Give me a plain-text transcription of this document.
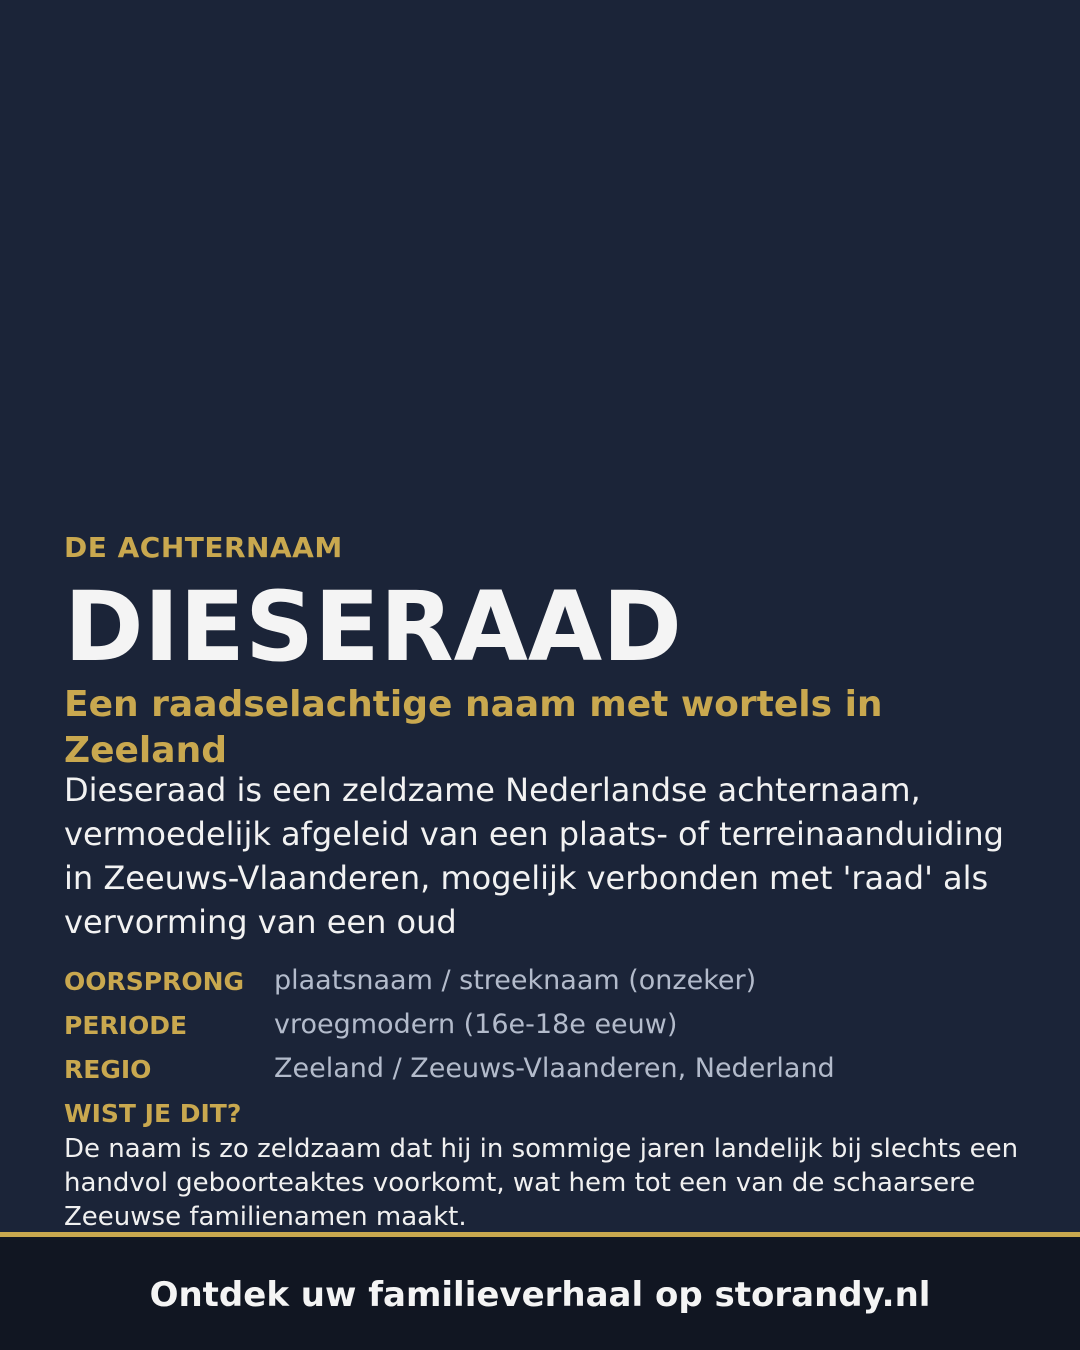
DE ACHTERNAAM
DIESERAAD
Een raadselachtige naam met wortels in Zeeland
Dieseraad is een zeldzame Nederlandse achternaam, vermoedelijk afgeleid van een plaats- of terreinaanduiding in Zeeuws-Vlaanderen, mogelijk verbonden met 'raad' als vervorming van een oud
OORSPRONG plaatsnaam / streeknaam (onzeker)
PERIODE	vroegmodern (16e-18e eeuw)
REGIO	Zeeland / Zeeuws-Vlaanderen, Nederland
WIST JE DIT?
De naam is zo zeldzaam dat hij in sommige jaren landelijk bij slechts een handvol geboorteaktes voorkomt, wat hem tot een van de schaarsere Zeeuwse familienamen maakt.
Ontdek uw familieverhaal op storandy.nl
